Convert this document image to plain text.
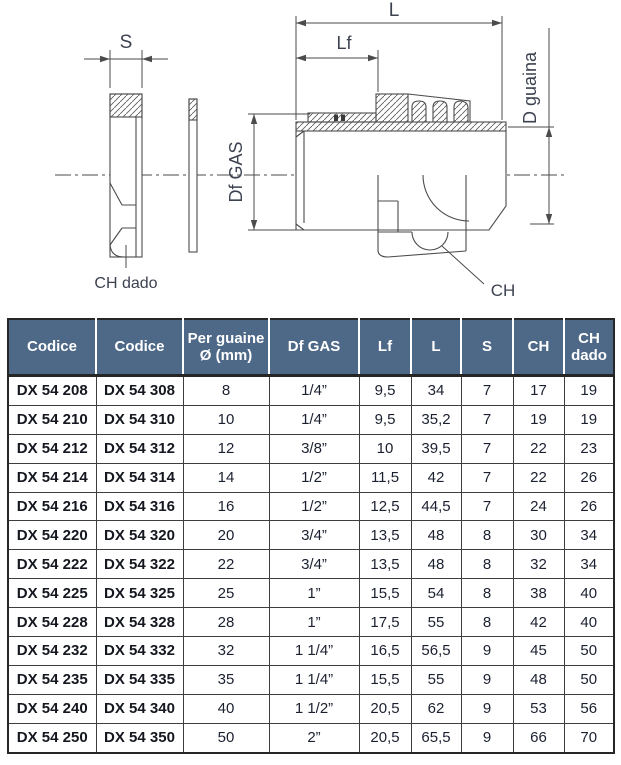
S
CH dado
L
Lf
Df GAS
D guaina
CH
Codice	Codice	Per guaine Ø (mm)	Df GAS	Lf	L	S	CH	CH dado
DX 54 208	DX 54 308	8	1/4”	9,5	34	7	17	19
DX 54 210	DX 54 310	10	1/4”	9,5	35,2	7	19	19
DX 54 212	DX 54 312	12	3/8”	10	39,5	7	22	23
DX 54 214	DX 54 314	14	1/2”	11,5	42	7	22	26
DX 54 216	DX 54 316	16	1/2”	12,5	44,5	7	24	26
DX 54 220	DX 54 320	20	3/4”	13,5	48	8	30	34
DX 54 222	DX 54 322	22	3/4”	13,5	48	8	32	34
DX 54 225	DX 54 325	25	1”	15,5	54	8	38	40
DX 54 228	DX 54 328	28	1”	17,5	55	8	42	40
DX 54 232	DX 54 332	32	1 1/4”	16,5	56,5	9	45	50
DX 54 235	DX 54 335	35	1 1/4”	15,5	55	9	48	50
DX 54 240	DX 54 340	40	1 1/2”	20,5	62	9	53	56
DX 54 250	DX 54 350	50	2”	20,5	65,5	9	66	70
